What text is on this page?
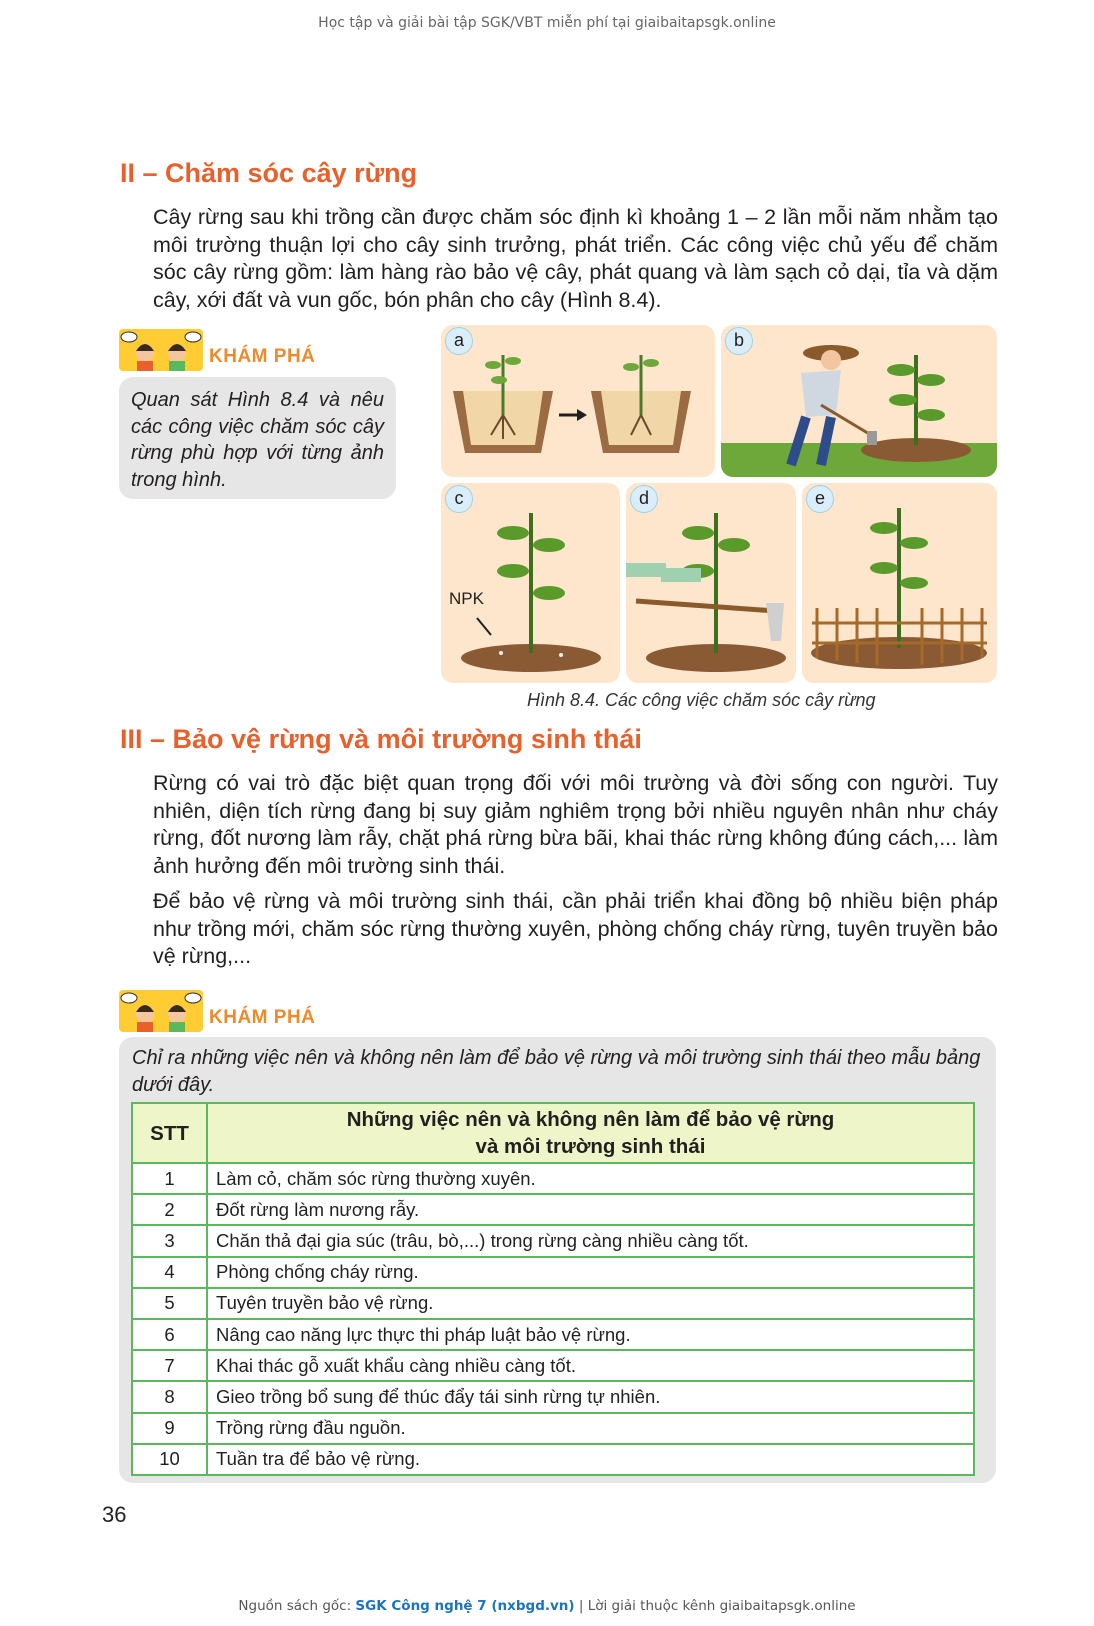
Học tập và giải bài tập SGK/VBT miễn phí tại giaibaitapsgk.online
II – Chăm sóc cây rừng

Cây rừng sau khi trồng cần được chăm sóc định kì khoảng 1 – 2 lần mỗi năm nhằm tạo môi trường thuận lợi cho cây sinh trưởng, phát triển. Các công việc chủ yếu để chăm sóc cây rừng gồm: làm hàng rào bảo vệ cây, phát quang và làm sạch cỏ dại, tỉa và dặm cây, xới đất và vun gốc, bón phân cho cây (Hình 8.4).

KHÁM PHÁ

Quan sát Hình 8.4 và nêu các công việc chăm sóc cây rừng phù hợp với từng ảnh trong hình.

a	b
c
NPK
d	e
Hình 8.4. Các công việc chăm sóc cây rừng
III – Bảo vệ rừng và môi trường sinh thái

Rừng có vai trò đặc biệt quan trọng đối với môi trường và đời sống con người. Tuy nhiên, diện tích rừng đang bị suy giảm nghiêm trọng bởi nhiều nguyên nhân như cháy rừng, đốt nương làm rẫy, chặt phá rừng bừa bãi, khai thác rừng không đúng cách,... làm ảnh hưởng đến môi trường sinh thái.

Để bảo vệ rừng và môi trường sinh thái, cần phải triển khai đồng bộ nhiều biện pháp như trồng mới, chăm sóc rừng thường xuyên, phòng chống cháy rừng, tuyên truyền bảo vệ rừng,...

KHÁM PHÁ

Chỉ ra những việc nên và không nên làm để bảo vệ rừng và môi trường sinh thái theo mẫu bảng dưới đây.

STT	Những việc nên và không nên làm để bảo vệ rừng
và môi trường sinh thái
1	Làm cỏ, chăm sóc rừng thường xuyên.
2	Đốt rừng làm nương rẫy.
3	Chăn thả đại gia súc (trâu, bò,...) trong rừng càng nhiều càng tốt.
4	Phòng chống cháy rừng.
5	Tuyên truyền bảo vệ rừng.
6	Nâng cao năng lực thực thi pháp luật bảo vệ rừng.
7	Khai thác gỗ xuất khẩu càng nhiều càng tốt.
8	Gieo trồng bổ sung để thúc đẩy tái sinh rừng tự nhiên.
9	Trồng rừng đầu nguồn.
10	Tuần tra để bảo vệ rừng.
36
Nguồn sách gốc: SGK Công nghệ 7 (nxbgd.vn) | Lời giải thuộc kênh giaibaitapsgk.online
